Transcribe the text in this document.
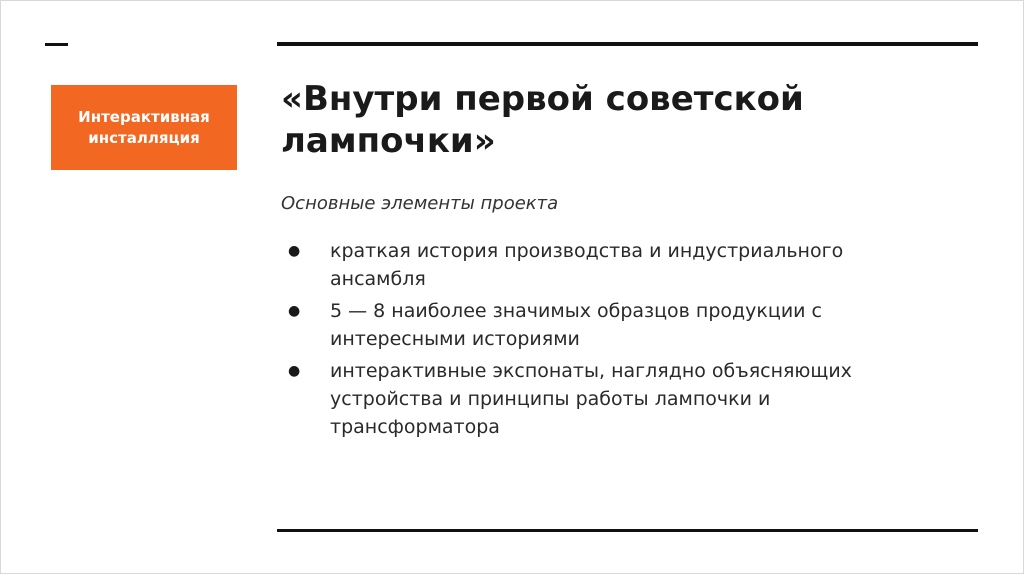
Интерактивная
инсталляция
«Внутри первой советской
лампочки»
Основные элементы проекта
●	краткая история производства и индустриального
ансамбля
●	5 — 8 наиболее значимых образцов продукции с
интересными историями
●	интерактивные экспонаты, наглядно объясняющих
устройства и принципы работы лампочки и
трансформатора
